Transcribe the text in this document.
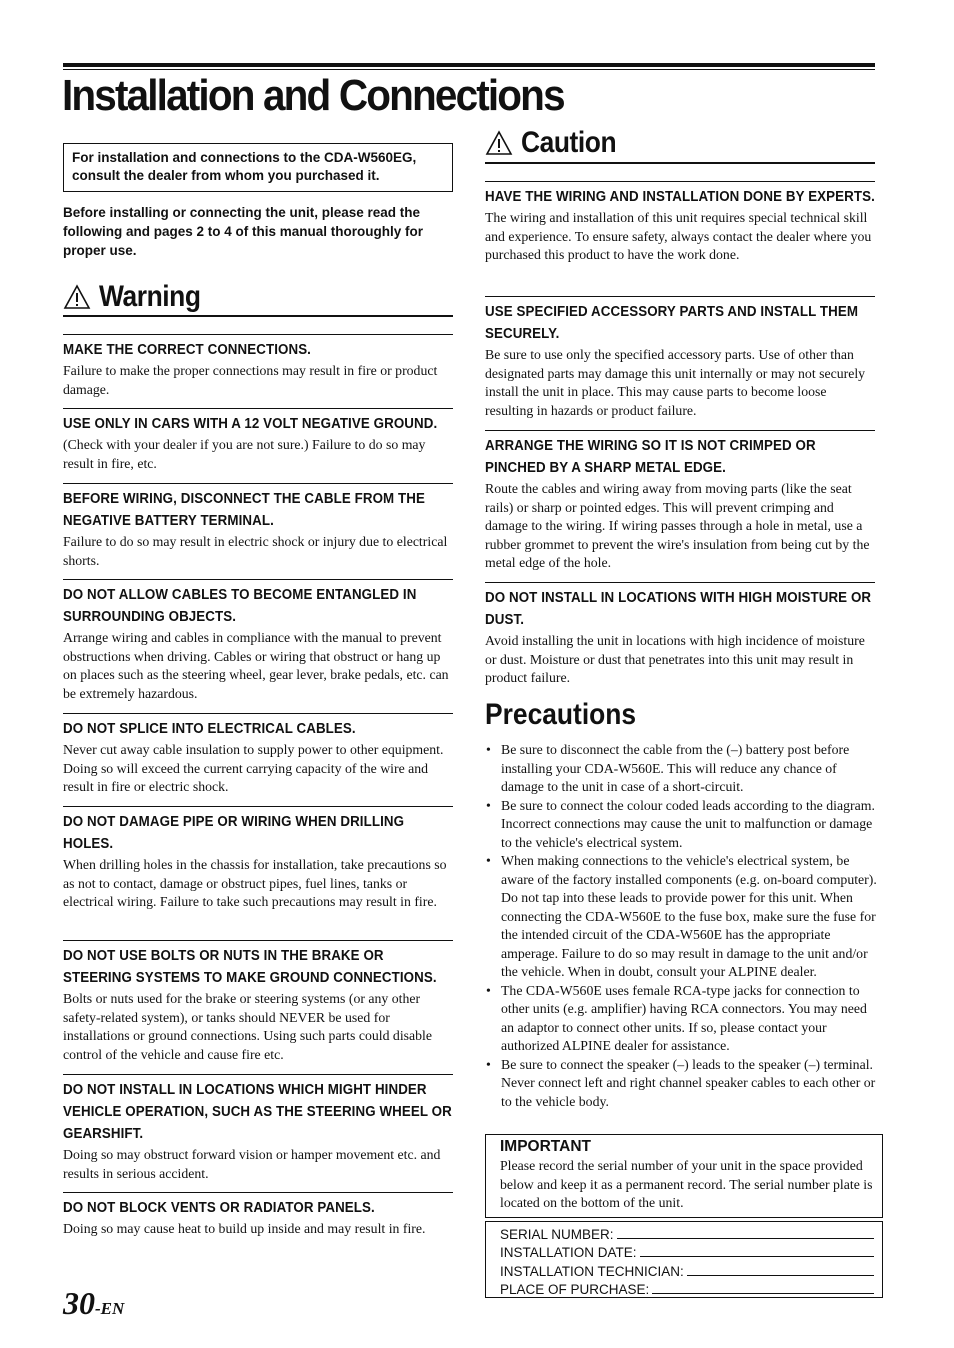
Installation and Connections
For installation and connections to the CDA-W560EG, consult the dealer from whom you purchased it.
Before installing or connecting the unit, please read the following and pages 2 to 4 of this manual thoroughly for proper use.
Warning
MAKE THE CORRECT CONNECTIONS.
Failure to make the proper connections may result in fire or product damage.
USE ONLY IN CARS WITH A 12 VOLT NEGATIVE GROUND.
(Check with your dealer if you are not sure.) Failure to do so may result in fire, etc.
BEFORE WIRING, DISCONNECT THE CABLE FROM THE NEGATIVE BATTERY TERMINAL.
Failure to do so may result in electric shock or injury due to electrical shorts.
DO NOT ALLOW CABLES TO BECOME ENTANGLED IN SURROUNDING OBJECTS.
Arrange wiring and cables in compliance with the manual to prevent obstructions when driving. Cables or wiring that obstruct or hang up on places such as the steering wheel, gear lever, brake pedals, etc. can be extremely hazardous.
DO NOT SPLICE INTO ELECTRICAL CABLES.
Never cut away cable insulation to supply power to other equipment. Doing so will exceed the current carrying capacity of the wire and result in fire or electric shock.
DO NOT DAMAGE PIPE OR WIRING WHEN DRILLING HOLES.
When drilling holes in the chassis for installation, take precautions so as not to contact, damage or obstruct pipes, fuel lines, tanks or electrical wiring. Failure to take such precautions may result in fire.
DO NOT USE BOLTS OR NUTS IN THE BRAKE OR STEERING SYSTEMS TO MAKE GROUND CONNECTIONS.
Bolts or nuts used for the brake or steering systems (or any other safety-related system), or tanks should NEVER be used for installations or ground connections. Using such parts could disable control of the vehicle and cause fire etc.
DO NOT INSTALL IN LOCATIONS WHICH MIGHT HINDER VEHICLE OPERATION, SUCH AS THE STEERING WHEEL OR GEARSHIFT.
Doing so may obstruct forward vision or hamper movement etc. and results in serious accident.
DO NOT BLOCK VENTS OR RADIATOR PANELS.
Doing so may cause heat to build up inside and may result in fire.
Caution
HAVE THE WIRING AND INSTALLATION DONE BY EXPERTS.
The wiring and installation of this unit requires special technical skill and experience. To ensure safety, always contact the dealer where you purchased this product to have the work done.
USE SPECIFIED ACCESSORY PARTS AND INSTALL THEM SECURELY.
Be sure to use only the specified accessory parts. Use of other than designated parts may damage this unit internally or may not securely install the unit in place. This may cause parts to become loose resulting in hazards or product failure.
ARRANGE THE WIRING SO IT IS NOT CRIMPED OR PINCHED BY A SHARP METAL EDGE.
Route the cables and wiring away from moving parts (like the seat rails) or sharp or pointed edges. This will prevent crimping and damage to the wiring. If wiring passes through a hole in metal, use a rubber grommet to prevent the wire's insulation from being cut by the metal edge of the hole.
DO NOT INSTALL IN LOCATIONS WITH HIGH MOISTURE OR DUST.
Avoid installing the unit in locations with high incidence of moisture or dust. Moisture or dust that penetrates into this unit may result in product failure.
Precautions
• Be sure to disconnect the cable from the (–) battery post before installing your CDA-W560E. This will reduce any chance of damage to the unit in case of a short-circuit.
• Be sure to connect the colour coded leads according to the diagram. Incorrect connections may cause the unit to malfunction or damage to the vehicle's electrical system.
• When making connections to the vehicle's electrical system, be aware of the factory installed components (e.g. on-board computer). Do not tap into these leads to provide power for this unit. When connecting the CDA-W560E to the fuse box, make sure the fuse for the intended circuit of the CDA-W560E has the appropriate amperage. Failure to do so may result in damage to the unit and/or the vehicle. When in doubt, consult your ALPINE dealer.
• The CDA-W560E uses female RCA-type jacks for connection to other units (e.g. amplifier) having RCA connectors. You may need an adaptor to connect other units. If so, please contact your authorized ALPINE dealer for assistance.
• Be sure to connect the speaker (–) leads to the speaker (–) terminal. Never connect left and right channel speaker cables to each other or to the vehicle body.
IMPORTANT
Please record the serial number of your unit in the space provided below and keep it as a permanent record. The serial number plate is located on the bottom of the unit.
SERIAL NUMBER:
INSTALLATION DATE:
INSTALLATION TECHNICIAN:
PLACE OF PURCHASE:
30-EN
